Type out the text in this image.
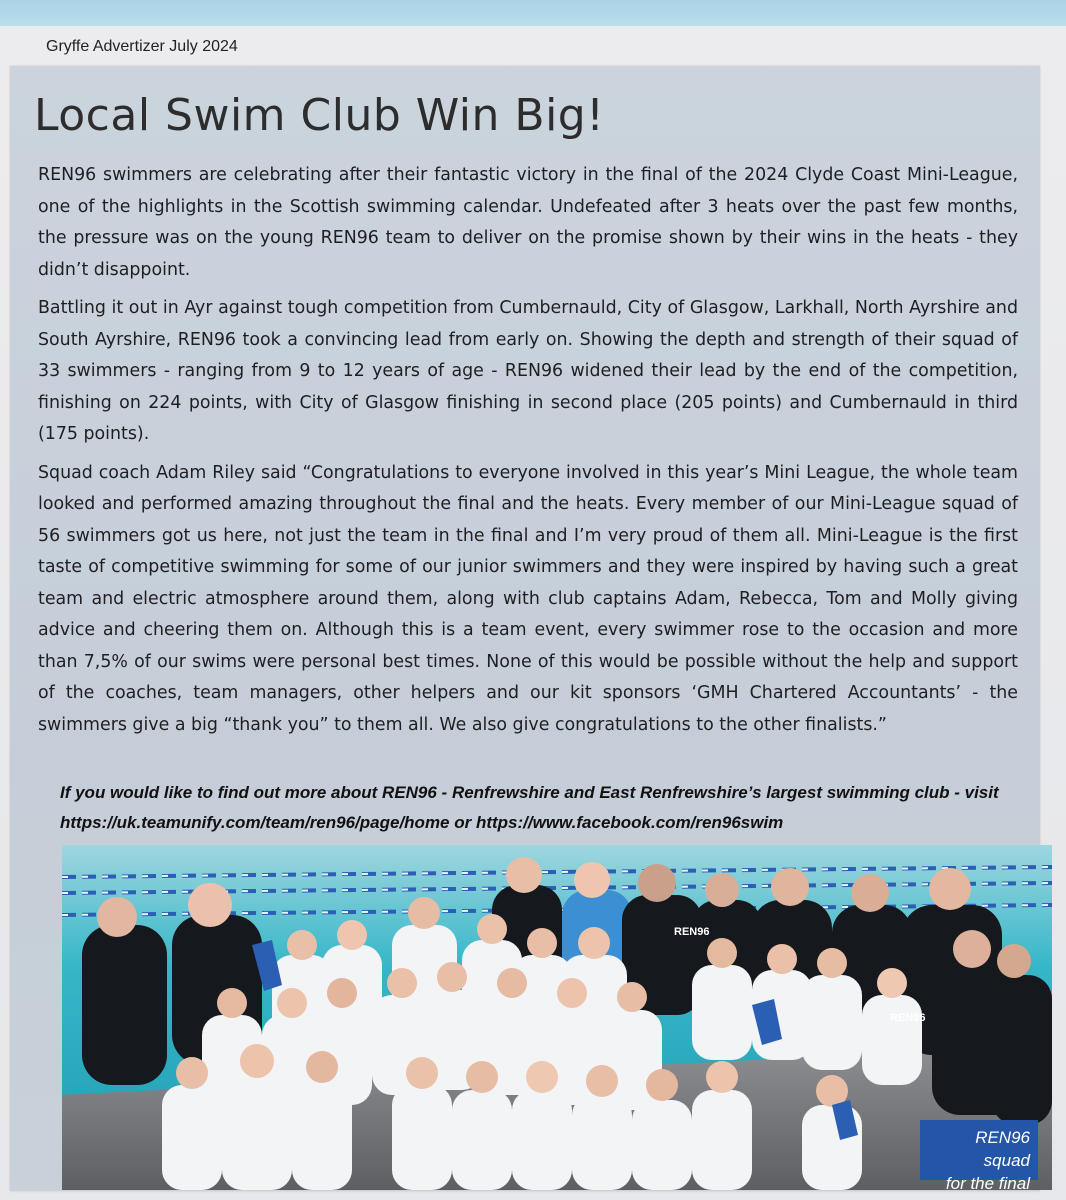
Gryffe Advertizer July 2024

Local Swim Club Win Big!

REN96 swimmers are celebrating after their fantastic victory in the final of the 2024 Clyde Coast Mini-League, one of the highlights in the Scottish swimming calendar. Undefeated after 3 heats over the past few months, the pressure was on the young REN96 team to deliver on the promise shown by their wins in the heats - they didn’t disappoint.

Battling it out in Ayr against tough competition from Cumbernauld, City of Glasgow, Larkhall, North Ayrshire and South Ayrshire, REN96 took a convincing lead from early on. Showing the depth and strength of their squad of 33 swimmers - ranging from 9 to 12 years of age - REN96 widened their lead by the end of the competition, finishing on 224 points, with City of Glasgow finishing in second place (205 points) and Cumbernauld in third (175 points).

Squad coach Adam Riley said “Congratulations to everyone involved in this year’s Mini League, the whole team looked and performed amazing throughout the final and the heats. Every member of our Mini-League squad of 56 swimmers got us here, not just the team in the final and I’m very proud of them all. Mini-League is the first taste of competitive swimming for some of our junior swimmers and they were inspired by having such a great team and electric atmosphere around them, along with club captains Adam, Rebecca, Tom and Molly giving advice and cheering them on. Although this is a team event, every swimmer rose to the occasion and more than 7,5% of our swims were personal best times. None of this would be possible without the help and support of the coaches, team managers, other helpers and our kit sponsors ‘GMH Chartered Accountants’ - the swimmers give a big “thank you” to them all. We also give congratulations to the other finalists.”

If you would like to find out more about REN96 - Renfrewshire and East Renfrewshire’s largest swimming club - visit https://uk.teamunify.com/team/ren96/page/home or https://www.facebook.com/ren96swim

REN96
REN96
REN96 squad
for the final
